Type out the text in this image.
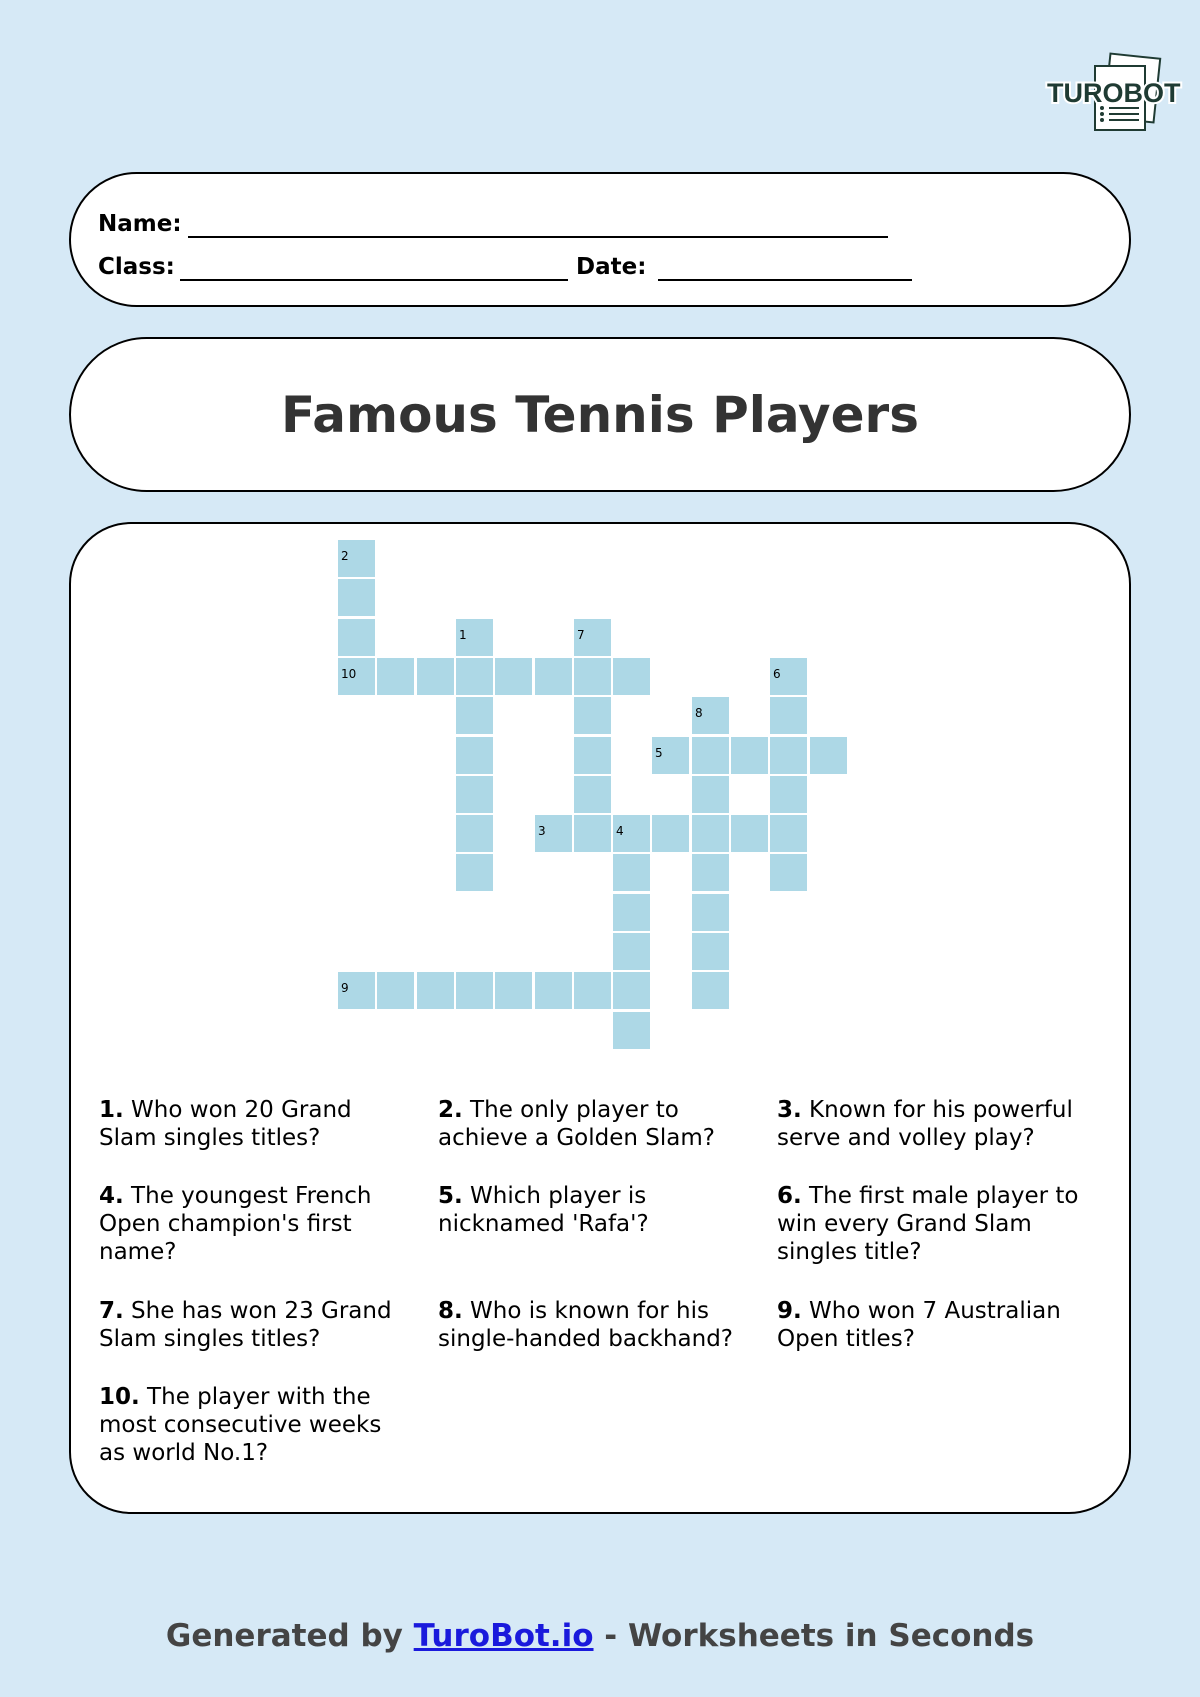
TUROBOT
Name:
Class:	Date:
Famous Tennis Players
2
1	7
10	6
8
5
3	4
9
1. Who won 20 Grand Slam singles titles?
2. The only player to achieve a Golden Slam?
3. Known for his powerful serve and volley play?
4. The youngest French Open champion's first name?
5. Which player is nicknamed 'Rafa'?
6. The first male player to win every Grand Slam singles title?
7. She has won 23 Grand Slam singles titles?
8. Who is known for his single-handed backhand?
9. Who won 7 Australian Open titles?
10. The player with the most consecutive weeks as world No.1?
Generated by TuroBot.io - Worksheets in Seconds
